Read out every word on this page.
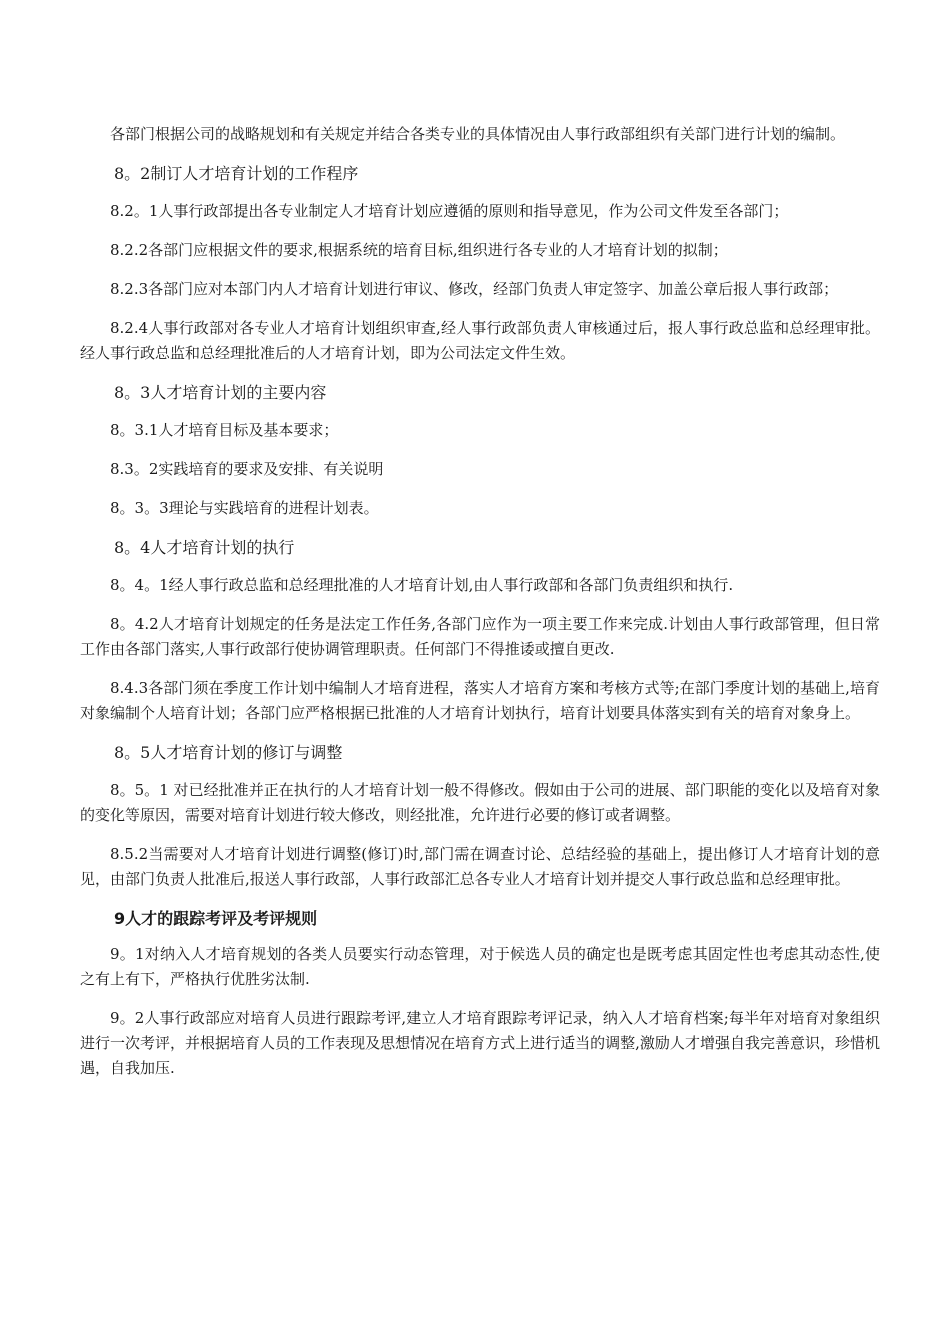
各部门根据公司的战略规划和有关规定并结合各类专业的具体情况由人事行政部组织有关部门进行计划的编制。

8。2制订人才培育计划的工作程序

8.2。1人事行政部提出各专业制定人才培育计划应遵循的原则和指导意见，作为公司文件发至各部门；

8.2.2各部门应根据文件的要求,根据系统的培育目标,组织进行各专业的人才培育计划的拟制；

8.2.3各部门应对本部门内人才培育计划进行审议、修改，经部门负责人审定签字、加盖公章后报人事行政部；

8.2.4人事行政部对各专业人才培育计划组织审查,经人事行政部负责人审核通过后，报人事行政总监和总经理审批。经人事行政总监和总经理批准后的人才培育计划，即为公司法定文件生效。

8。3人才培育计划的主要内容

8。3.1人才培育目标及基本要求；

8.3。2实践培育的要求及安排、有关说明

8。3。3理论与实践培育的进程计划表。

8。4人才培育计划的执行

8。4。1经人事行政总监和总经理批准的人才培育计划,由人事行政部和各部门负责组织和执行.

8。4.2人才培育计划规定的任务是法定工作任务,各部门应作为一项主要工作来完成.计划由人事行政部管理，但日常工作由各部门落实,人事行政部行使协调管理职责。任何部门不得推诿或擅自更改.

8.4.3各部门须在季度工作计划中编制人才培育进程，落实人才培育方案和考核方式等;在部门季度计划的基础上,培育对象编制个人培育计划；各部门应严格根据已批准的人才培育计划执行，培育计划要具体落实到有关的培育对象身上。

8。5人才培育计划的修订与调整

8。5。1 对已经批准并正在执行的人才培育计划一般不得修改。假如由于公司的进展、部门职能的变化以及培育对象的变化等原因，需要对培育计划进行较大修改，则经批准，允许进行必要的修订或者调整。

8.5.2当需要对人才培育计划进行调整(修订)时,部门需在调查讨论、总结经验的基础上，提出修订人才培育计划的意见，由部门负责人批准后,报送人事行政部，人事行政部汇总各专业人才培育计划并提交人事行政总监和总经理审批。

9人才的跟踪考评及考评规则

9。1对纳入人才培育规划的各类人员要实行动态管理，对于候选人员的确定也是既考虑其固定性也考虑其动态性,使之有上有下，严格执行优胜劣汰制.

9。2人事行政部应对培育人员进行跟踪考评,建立人才培育跟踪考评记录，纳入人才培育档案;每半年对培育对象组织进行一次考评，并根据培育人员的工作表现及思想情况在培育方式上进行适当的调整,激励人才增强自我完善意识，珍惜机遇，自我加压.
